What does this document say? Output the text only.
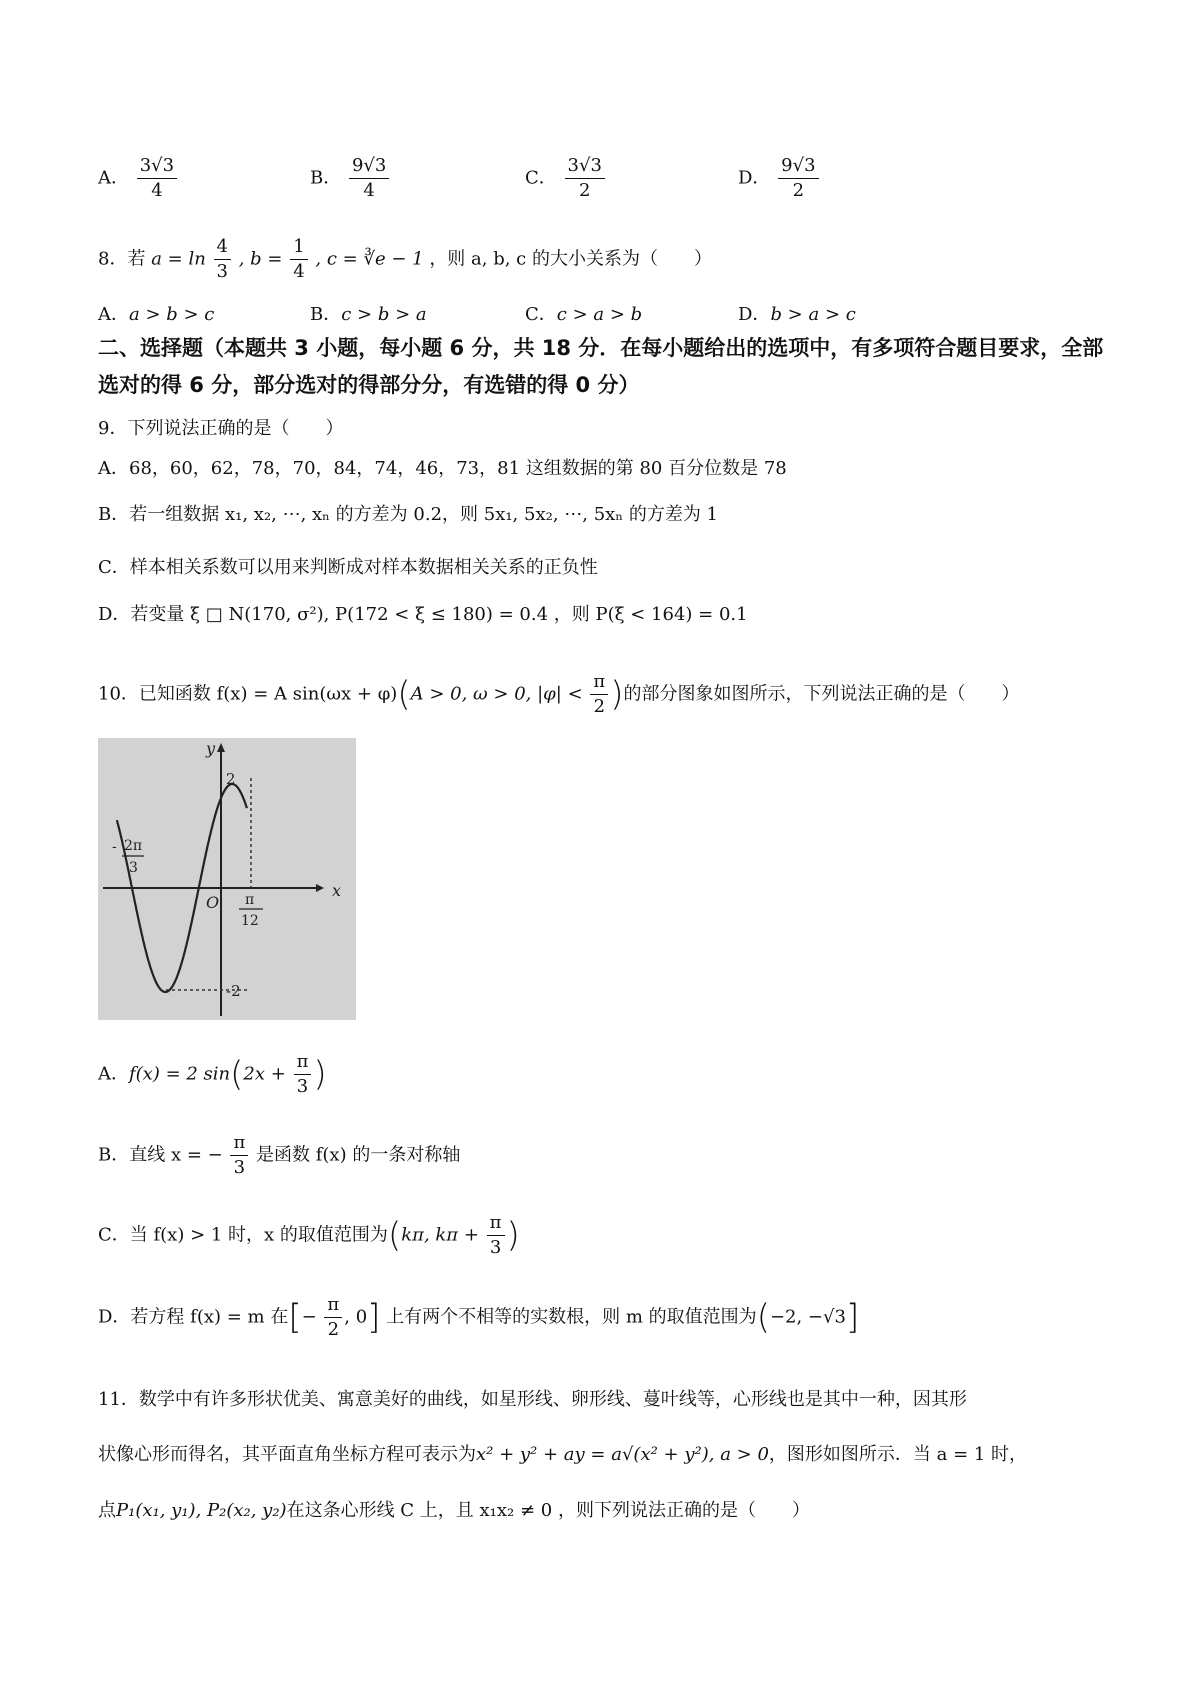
A． $\frac{3√3}{4}$	B． $\frac{9√3}{4}$	C． $\frac{3√3}{2}$	D． $\frac{9√3}{2}$
8．若 $a = \ln \frac{4}{3}$ , $b = \frac{1}{4}$ , c = ∛e − 1 ，则 a, b, c 的大小关系为（　　）
A．a > b > c	B．c > b > a	C．c > a > b	D．b > a > c
二、选择题（本题共 3 小题，每小题 6 分，共 18 分．在每小题给出的选项中，有多项符合题目要求，全部选对的得 6 分，部分选对的得部分分，有选错的得 0 分）
9．下列说法正确的是（　　）
A．68，60，62，78，70，84，74，46，73，81 这组数据的第 80 百分位数是 78
B．若一组数据 x₁, x₂, ⋯, xₙ 的方差为 0.2，则 5x₁, 5x₂, ⋯, 5xₙ 的方差为 1
C．样本相关系数可以用来判断成对样本数据相关关系的正负性
D．若变量 ξ □ N(170, σ²), P(172 < ξ ≤ 180) = 0.4 ，则 P(ξ < 164) = 0.1
10．已知函数 f(x) = A sin(ωx + φ)(A > 0, ω > 0, $|\varphi| < \frac{\pi}{2}$ )的部分图象如图所示，下列说法正确的是（　　）
y
x
O
2
-2
- 2π
3
π
12
A．f(x) = 2 $\sin(2x + \frac{\pi}{3}$ )
B．直线 x = − $\frac{\pi}{3}$ 是函数 f(x) 的一条对称轴
C．当 f(x) > 1 时，x 的取值范围为(kπ, $k\pi + \frac{\pi}{3}$ )
D．若方程 f(x) = m 在[− $\frac{\pi}{2}$ , 0] 上有两个不相等的实数根，则 m 的取值范围为(−2, −√3]
11．数学中有许多形状优美、寓意美好的曲线，如星形线、卵形线、蔓叶线等，心形线也是其中一种，因其形
状像心形而得名，其平面直角坐标方程可表示为x² + y² + ay = a√(x² + y²), a > 0，图形如图所示．当 a = 1 时，
点P₁(x₁, y₁), P₂(x₂, y₂)在这条心形线 C 上，且 x₁x₂ ≠ 0 ，则下列说法正确的是（　　）
